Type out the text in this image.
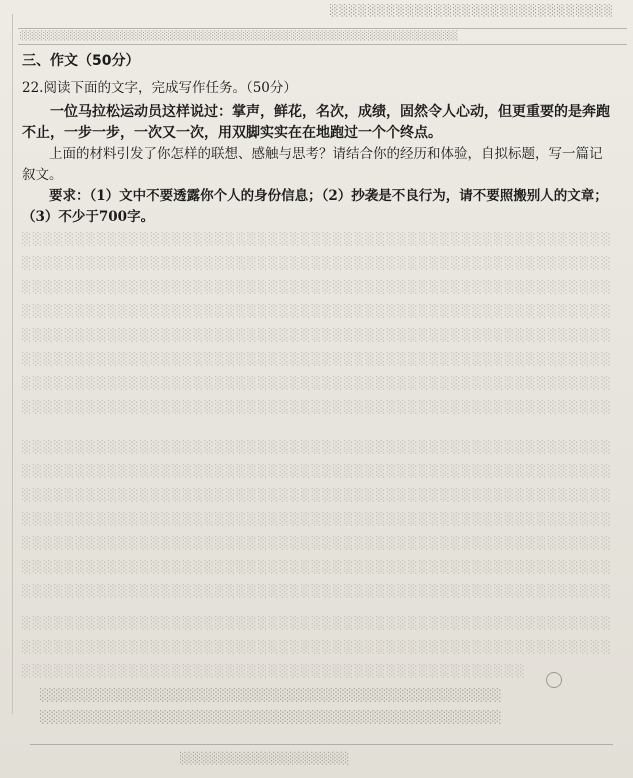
░░░░░░░░░░░░░░░░░░░░░░░░░░░░░░
░░░░░░░░░░░░░░░░░░░░░░░░░░░░░░░░░░░░░░░░░░░░░░░░░░░░░░░░░

三、作文（50分）

22.阅读下面的文字，完成写作任务。（50分）

一位马拉松运动员这样说过：掌声，鲜花，名次，成绩，固然令人心动，但更重要的是奔跑不止，一步一步，一次又一次，用双脚实实在在地跑过一个个终点。

上面的材料引发了你怎样的联想、感触与思考？请结合你的经历和体验，自拟标题，写一篇记叙文。

要求：（1）文中不要透露你个人的身份信息；（2）抄袭是不良行为，请不要照搬别人的文章；（3）不少于700字。

░░░░░░░░░░░░░░░░░░░░░░░░░░░░░░░░░░░░░░░░░░░░░░░░░░░░░░░
░░░░░░░░░░░░░░░░░░░░░░░░░░░░░░░░░░░░░░░░░░░░░░░░░░░░░░░
░░░░░░░░░░░░░░░░░░░░░░░░░░░░░░░░░░░░░░░░░░░░░░░░░░░░░░░
░░░░░░░░░░░░░░░░░░░░░░░░░░░░░░░░░░░░░░░░░░░░░░░░░░░░░░░
░░░░░░░░░░░░░░░░░░░░░░░░░░░░░░░░░░░░░░░░░░░░░░░░░░░░░░░
░░░░░░░░░░░░░░░░░░░░░░░░░░░░░░░░░░░░░░░░░░░░░░░░░░░░░░░
░░░░░░░░░░░░░░░░░░░░░░░░░░░░░░░░░░░░░░░░░░░░░░░░░░░░░░░
░░░░░░░░░░░░░░░░░░░░░░░░░░░░░░░░░░░░░░░░░░░░░░░░░░░░░░░
░░░░░░░░░░░░░░░░░░░░░░░░░░░░░░░░░░░░░░░░░░░░░░░░░░░░░░░
░░░░░░░░░░░░░░░░░░░░░░░░░░░░░░░░░░░░░░░░░░░░░░░░░░░░░░░
░░░░░░░░░░░░░░░░░░░░░░░░░░░░░░░░░░░░░░░░░░░░░░░░░░░░░░░
░░░░░░░░░░░░░░░░░░░░░░░░░░░░░░░░░░░░░░░░░░░░░░░░░░░░░░░
░░░░░░░░░░░░░░░░░░░░░░░░░░░░░░░░░░░░░░░░░░░░░░░░░░░░░░░
░░░░░░░░░░░░░░░░░░░░░░░░░░░░░░░░░░░░░░░░░░░░░░░░░░░░░░░
░░░░░░░░░░░░░░░░░░░░░░░░░░░░░░░░░░░░░░░░░░░░░░░░░░░░░░░
░░░░░░░░░░░░░░░░░░░░░░░░░░░░░░░░░░░░░░░░░░░░░░░░░░░░░░░
░░░░░░░░░░░░░░░░░░░░░░░░░░░░░░░░░░░░░░░░░░░░░░░░░░░░░░░
░░░░░░░░░░░░░░░░░░░░░░░░░░░░░░░░░░░░░░░░░░░░░░░
░░░░░░░░░░░░░░░░░░░░░░░░░░░░░░░░░░░░░░░░░░░░░░░░░░
░░░░░░░░░░░░░░░░░░░░░░░░░░░░░░░░░░░░░░░░░░░░░░░░░░
░░░░░░░░░░░░░░░░░░░░
